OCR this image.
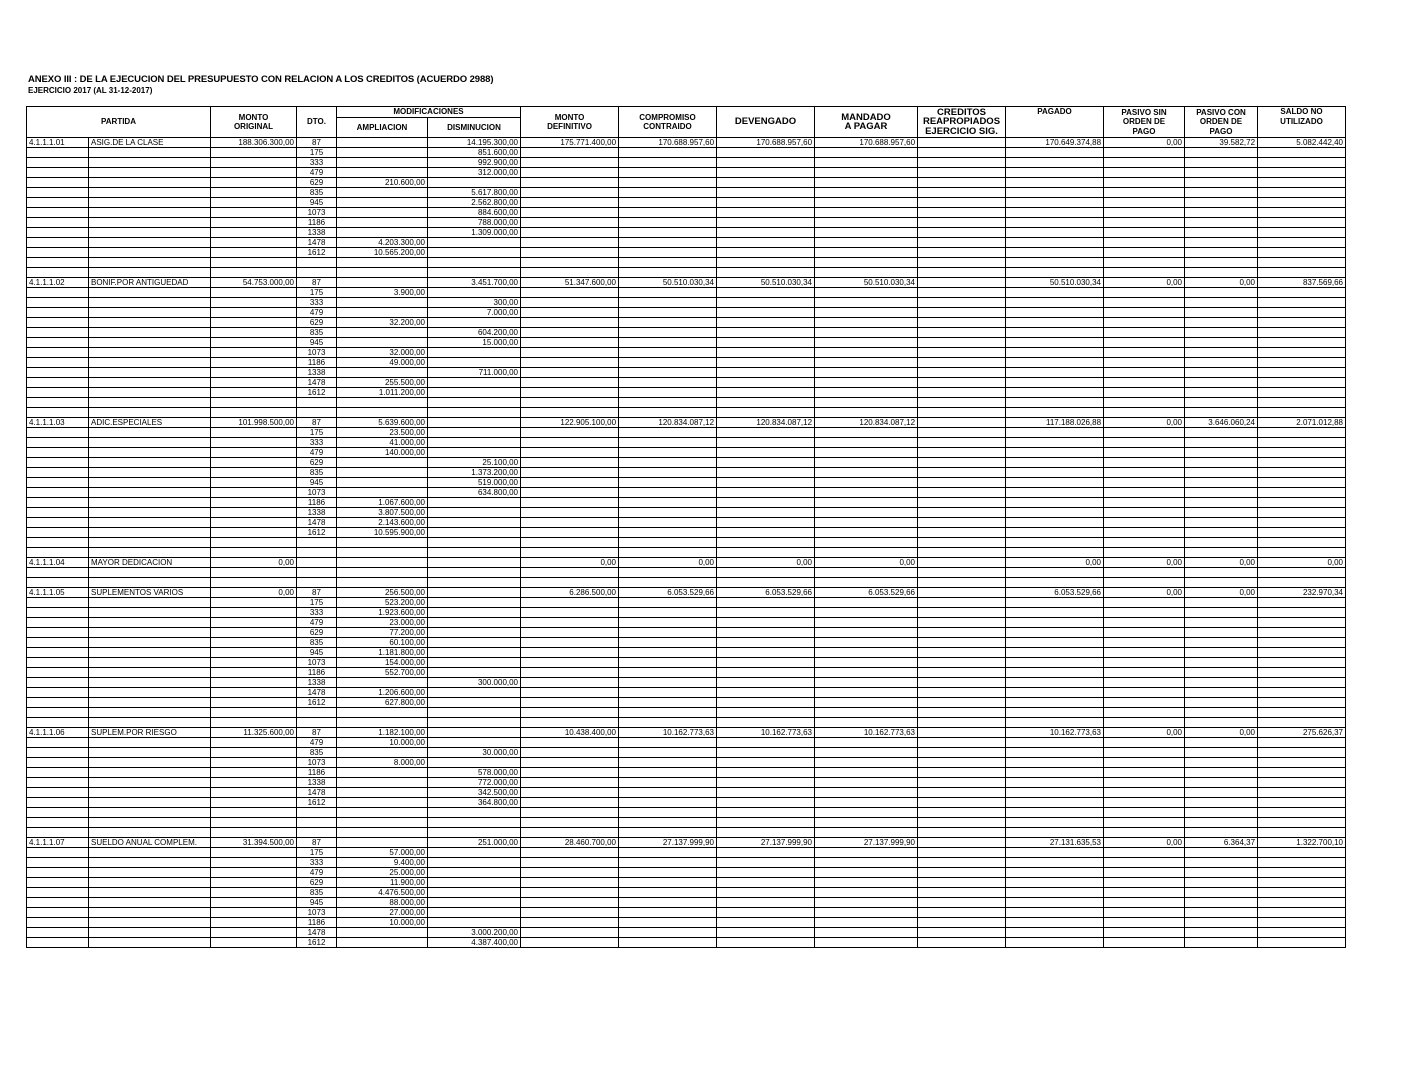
ANEXO III : DE LA EJECUCION DEL PRESUPUESTO CON RELACION A LOS CREDITOS (ACUERDO 2988)
EJERCICIO 2017 (AL 31-12-2017)
PARTIDA		MONTO
ORIGINAL	DTO.	MODIFICACIONES		MONTO
DEFINITIVO	COMPROMISO
CONTRAIDO	DEVENGADO	MANDADO
A PAGAR	CREDITOS
REAPROPIADOS
EJERCICIO SIG.	PAGADO	PASIVO SIN
ORDEN DE
PAGO	PASIVO CON
ORDEN DE
PAGO	SALDO NO
UTILIZADO
				AMPLIACION	DISMINUCION									
4.1.1.1.01	ASIG.DE LA CLASE	188.306.300,00	87		14.195.300,00	175.771.400,00	170.688.957,60	170.688.957,60	170.688.957,60		170.649.374,88	0,00	39.582,72	5.082.442,40
			175		851.600,00									
			333		992.900,00									
			479		312.000,00									
			629	210.600,00										
			835		5.617.800,00									
			945		2.562.800,00									
			1073		884.600,00									
			1186		788.000,00									
			1338		1.309.000,00									
			1478	4.203.300,00										
			1612	10.565.200,00										

4.1.1.1.02	BONIF.POR ANTIGUEDAD	54.753.000,00	87		3.451.700,00	51.347.600,00	50.510.030,34	50.510.030,34	50.510.030,34		50.510.030,34	0,00	0,00	837.569,66
			175	3.900,00										
			333		300,00									
			479		7.000,00									
			629	32.200,00										
			835		604.200,00									
			945		15.000,00									
			1073	32.000,00										
			1186	49.000,00										
			1338		711.000,00									
			1478	255.500,00										
			1612	1.011.200,00										

4.1.1.1.03	ADIC.ESPECIALES	101.998.500,00	87	5.639.600,00		122.905.100,00	120.834.087,12	120.834.087,12	120.834.087,12		117.188.026,88	0,00	3.646.060,24	2.071.012,88
			175	23.500,00										
			333	41.000,00										
			479	140.000,00										
			629		25.100,00									
			835		1.373.200,00									
			945		519.000,00									
			1073		634.800,00									
			1186	1.067.600,00										
			1338	3.807.500,00										
			1478	2.143.600,00										
			1612	10.595.900,00										

4.1.1.1.04	MAYOR DEDICACION	0,00				0,00	0,00	0,00	0,00		0,00	0,00	0,00	0,00

4.1.1.1.05	SUPLEMENTOS VARIOS	0,00	87	256.500,00		6.286.500,00	6.053.529,66	6.053.529,66	6.053.529,66		6.053.529,66	0,00	0,00	232.970,34
			175	523.200,00										
			333	1.923.600,00										
			479	23.000,00										
			629	77.200,00										
			835	60.100,00										
			945	1.181.800,00										
			1073	154.000,00										
			1186	552.700,00										
			1338		300.000,00									
			1478	1.206.600,00										
			1612	627.800,00										

4.1.1.1.06	SUPLEM.POR RIESGO	11.325.600,00	87	1.182.100,00		10.438.400,00	10.162.773,63	10.162.773,63	10.162.773,63		10.162.773,63	0,00	0,00	275.626,37
			479	10.000,00										
			835		30.000,00									
			1073	8.000,00										
			1186		578.000,00									
			1338		772.000,00									
			1478		342.500,00									
			1612		364.800,00									

4.1.1.1.07	SUELDO ANUAL COMPLEM.	31.394.500,00	87		251.000,00	28.460.700,00	27.137.999,90	27.137.999,90	27.137.999,90		27.131.635,53	0,00	6.364,37	1.322.700,10
			175	57.000,00										
			333	9.400,00										
			479	25.000,00										
			629	11.900,00										
			835	4.476.500,00										
			945	88.000,00										
			1073	27.000,00										
			1186	10.000,00										
			1478		3.000.200,00									
			1612		4.387.400,00									
